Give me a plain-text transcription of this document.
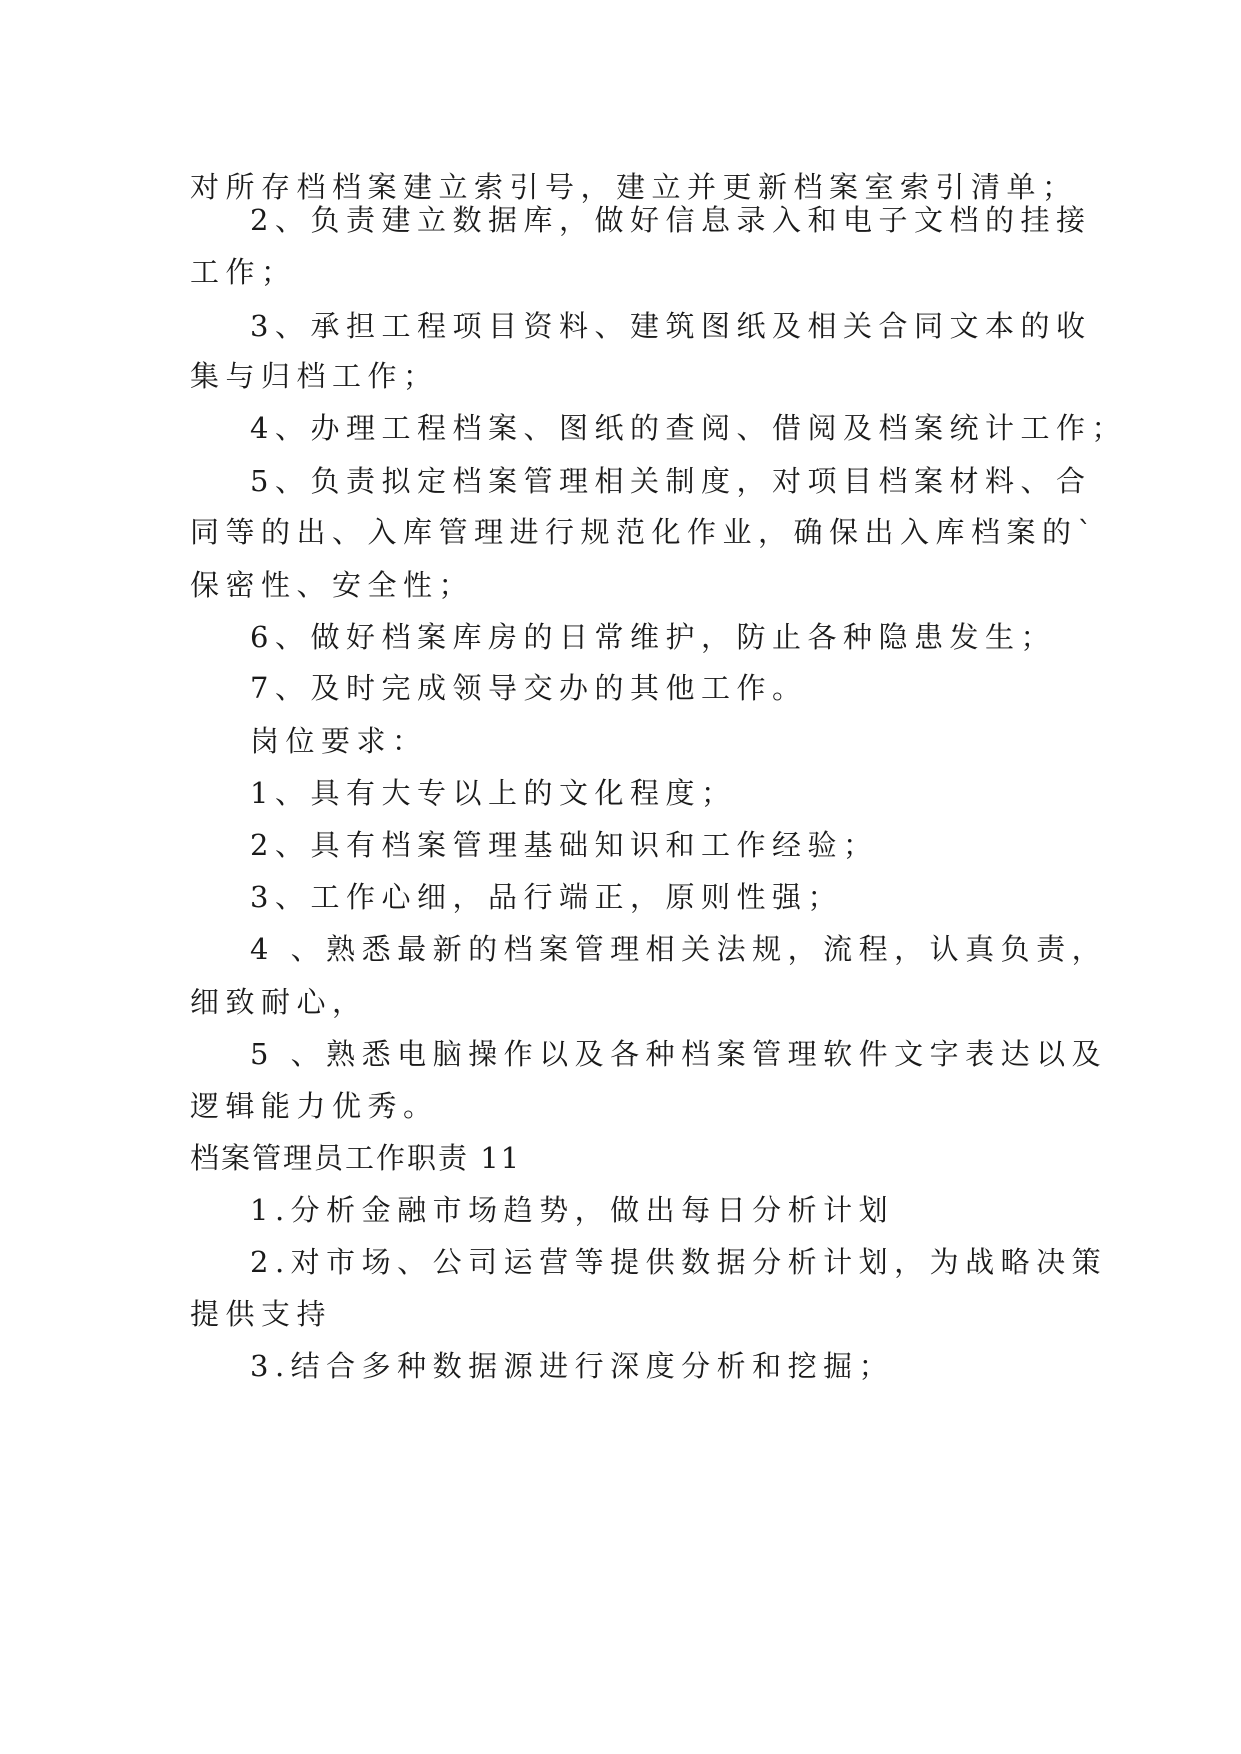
对所存档档案建立索引号，建立并更新档案室索引清单；
2、负责建立数据库，做好信息录入和电子文档的挂接
工作；
3、承担工程项目资料、建筑图纸及相关合同文本的收
集与归档工作；
4、办理工程档案、图纸的查阅、借阅及档案统计工作；
5、负责拟定档案管理相关制度，对项目档案材料、合
同等的出、入库管理进行规范化作业，确保出入库档案的`
保密性、安全性；
6、做好档案库房的日常维护，防止各种隐患发生；
7、及时完成领导交办的其他工作。
岗位要求：
1、具有大专以上的文化程度；
2、具有档案管理基础知识和工作经验；
3、工作心细，品行端正，原则性强；
4 、熟悉最新的档案管理相关法规，流程，认真负责，
细致耐心，
5 、熟悉电脑操作以及各种档案管理软件文字表达以及
逻辑能力优秀。
档案管理员工作职责 11
1.分析金融市场趋势，做出每日分析计划
2.对市场、公司运营等提供数据分析计划，为战略决策
提供支持
3.结合多种数据源进行深度分析和挖掘；
